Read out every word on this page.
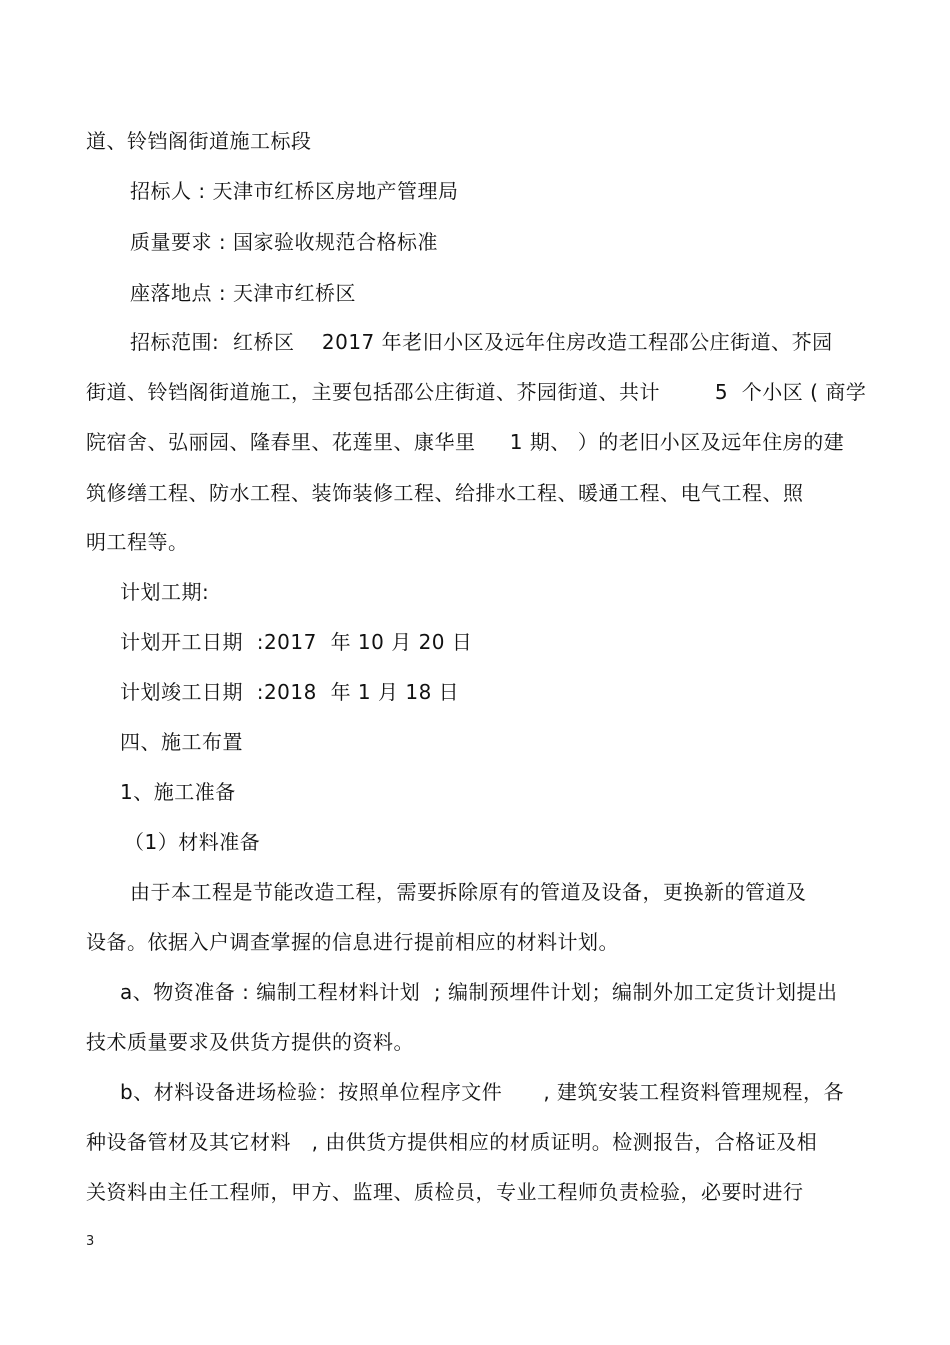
道、铃铛阁街道施工标段
招标人 : 天津市红桥区房地产管理局
质量要求 : 国家验收规范合格标准
座落地点 : 天津市红桥区
招标范围:  红桥区    2017 年老旧小区及远年住房改造工程邵公庄街道、芥园
街道、铃铛阁街道施工，主要包括邵公庄街道、芥园街道、共计        5  个小区 ( 商学
院宿舍、弘丽园、隆春里、花莲里、康华里     1 期、 ）的老旧小区及远年住房的建
筑修缮工程、防水工程、装饰装修工程、给排水工程、暖通工程、电气工程、照
明工程等。
计划工期:
计划开工日期  :2017  年 10 月 20 日
计划竣工日期  :2018  年 1 月 18 日
四、施工布置
1、施工准备
（1）材料准备
由于本工程是节能改造工程，需要拆除原有的管道及设备，更换新的管道及
设备。依据入户调查掌握的信息进行提前相应的材料计划。
a、物资准备 : 编制工程材料计划  ; 编制预埋件计划；编制外加工定货计划提出
技术质量要求及供货方提供的资料。
b、材料设备进场检验：按照单位程序文件      , 建筑安装工程资料管理规程，各
种设备管材及其它材料   , 由供货方提供相应的材质证明。检测报告，合格证及相
关资料由主任工程师，甲方、监理、质检员，专业工程师负责检验，必要时进行
3
